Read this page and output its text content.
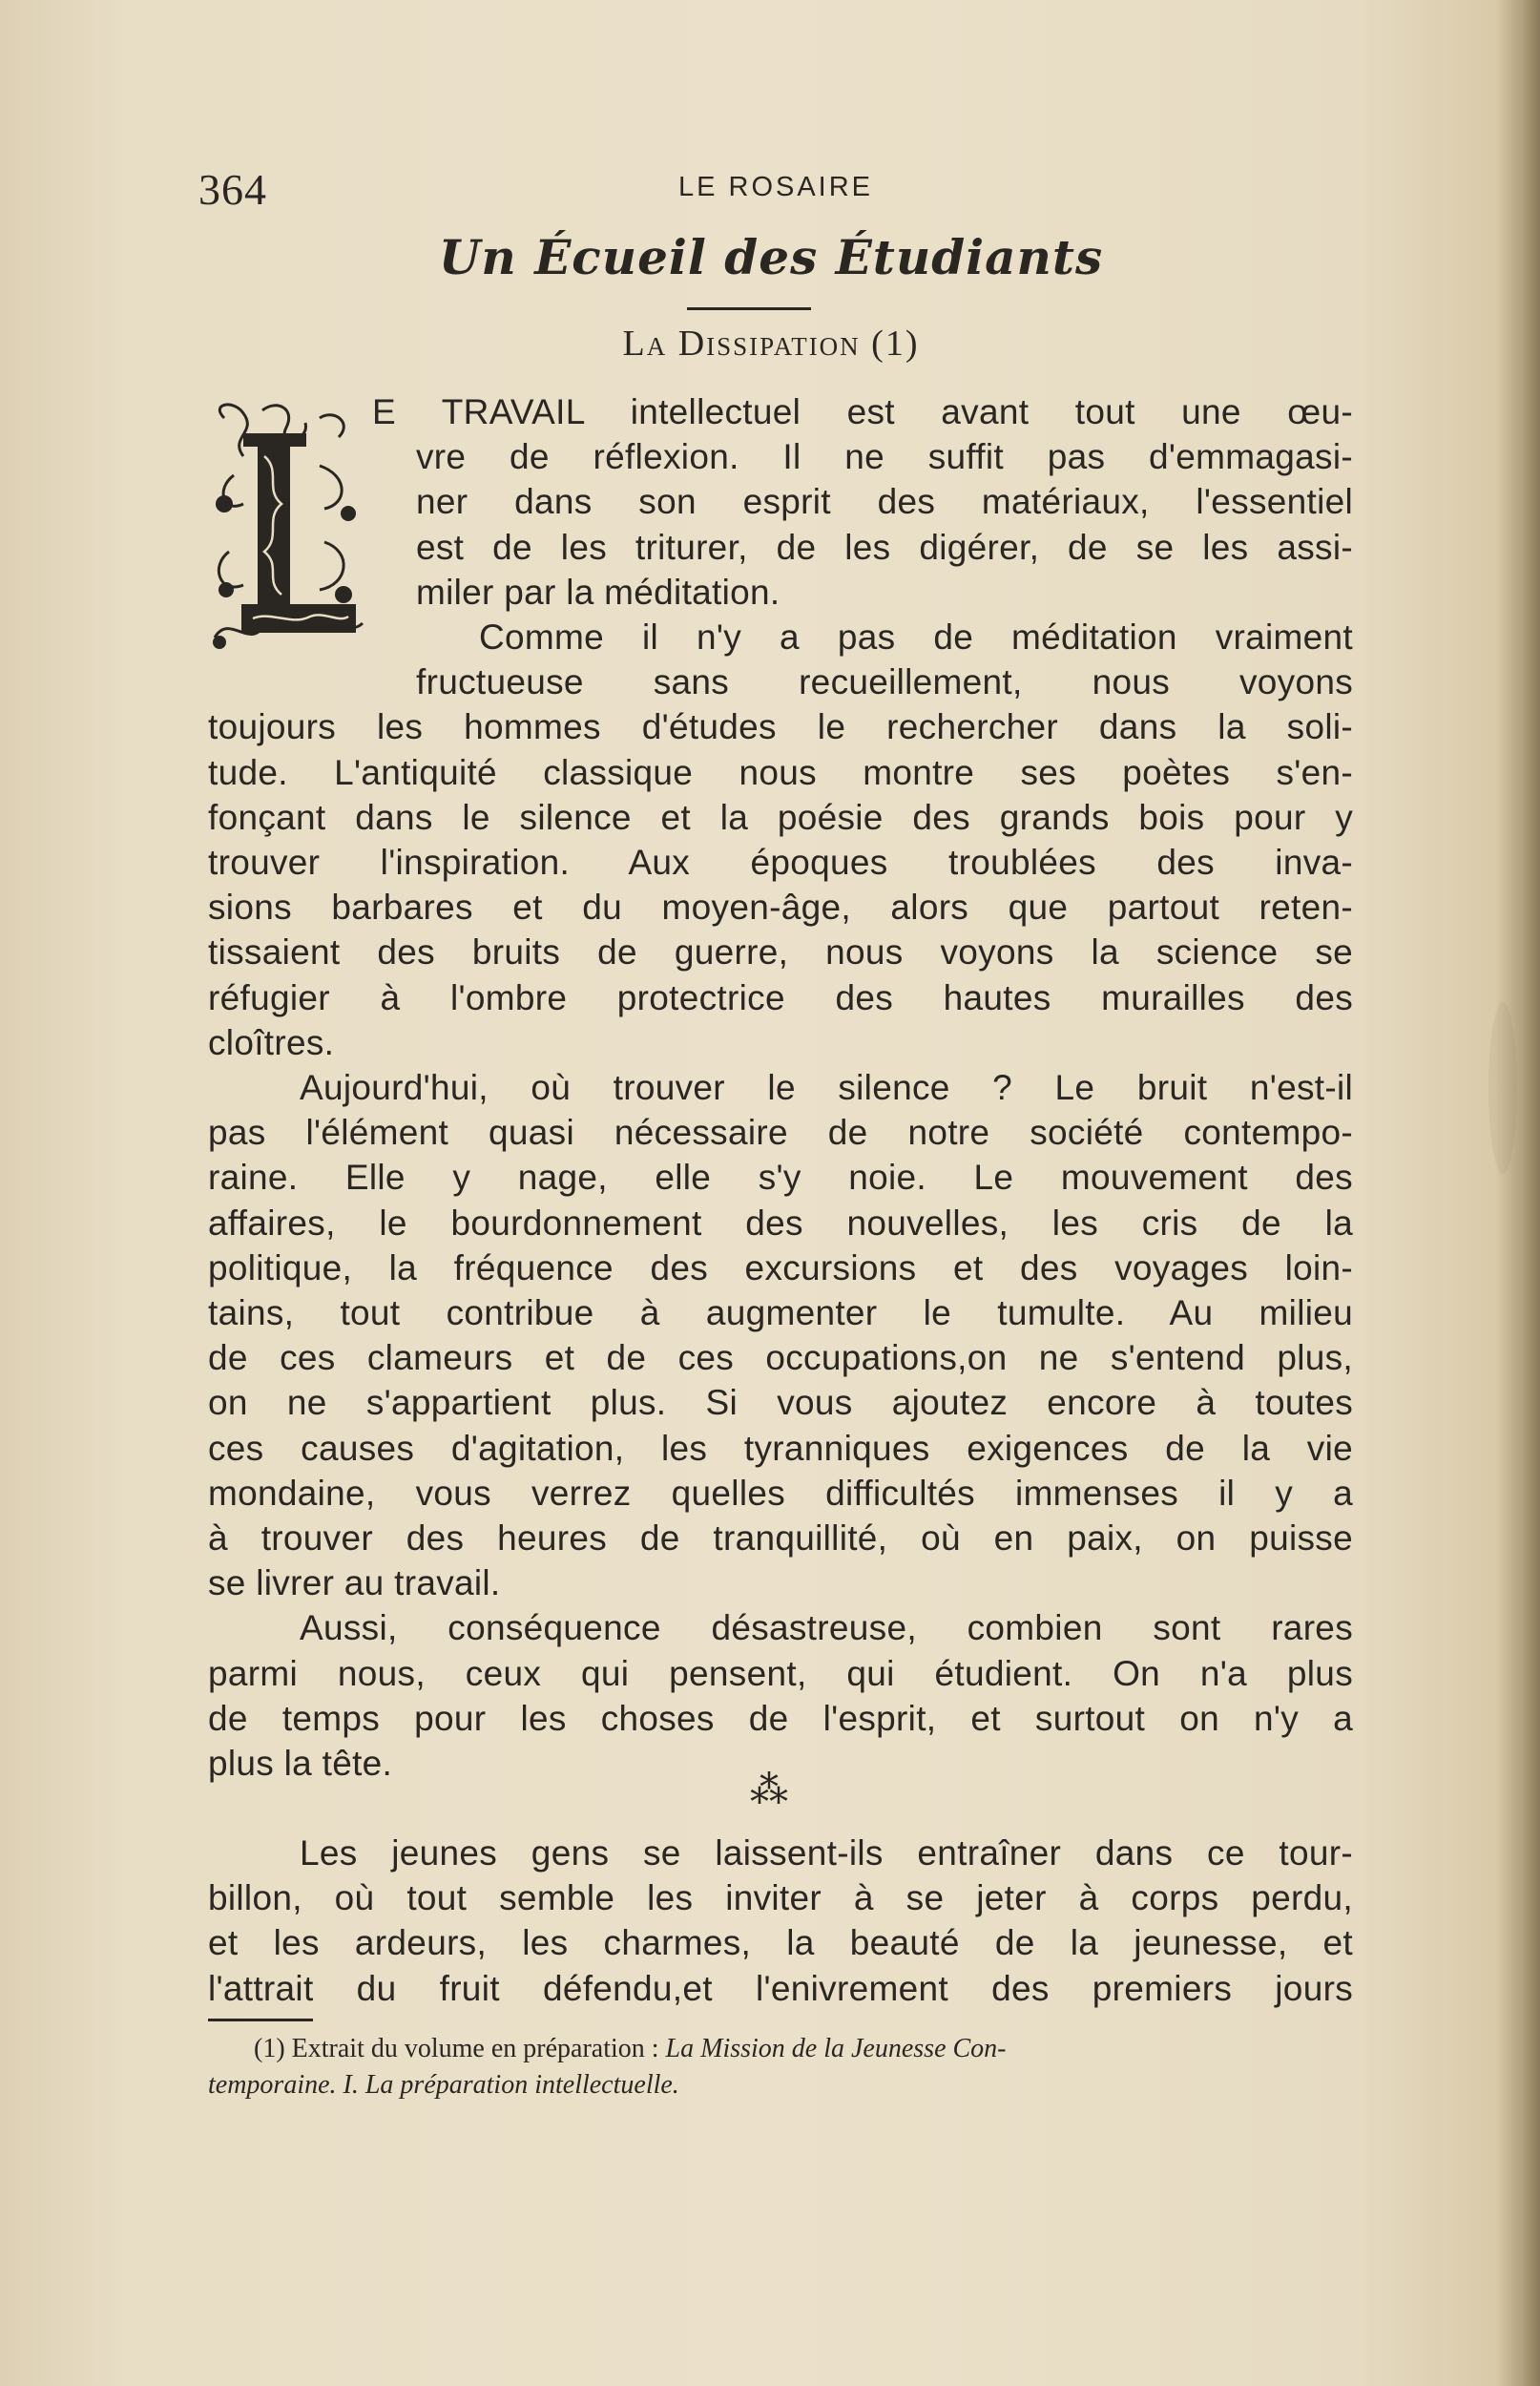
364	LE ROSAIRE
Un Écueil des Étudiants
La Dissipation (1)
E TRAVAIL intellectuel est avant tout une œu-
vre de réflexion. Il ne suffit pas d'emmagasi-
ner dans son esprit des matériaux, l'essentiel
est de les triturer, de les digérer, de se les assi-
miler par la méditation.
Comme il n'y a pas de méditation vraiment
fructueuse sans recueillement, nous voyons
toujours les hommes d'études le rechercher dans la soli-
tude. L'antiquité classique nous montre ses poètes s'en-
fonçant dans le silence et la poésie des grands bois pour y
trouver l'inspiration. Aux époques troublées des inva-
sions barbares et du moyen-âge, alors que partout reten-
tissaient des bruits de guerre, nous voyons la science se
réfugier à l'ombre protectrice des hautes murailles des
cloîtres.
Aujourd'hui, où trouver le silence ? Le bruit n'est-il
pas l'élément quasi nécessaire de notre société contempo-
raine. Elle y nage, elle s'y noie. Le mouvement des
affaires, le bourdonnement des nouvelles, les cris de la
politique, la fréquence des excursions et des voyages loin-
tains, tout contribue à augmenter le tumulte. Au milieu
de ces clameurs et de ces occupations,on ne s'entend plus,
on ne s'appartient plus. Si vous ajoutez encore à toutes
ces causes d'agitation, les tyranniques exigences de la vie
mondaine, vous verrez quelles difficultés immenses il y a
à trouver des heures de tranquillité, où en paix, on puisse
se livrer au travail.
Aussi, conséquence désastreuse, combien sont rares
parmi nous, ceux qui pensent, qui étudient. On n'a plus
de temps pour les choses de l'esprit, et surtout on n'y a
plus la tête.
⁂
Les jeunes gens se laissent-ils entraîner dans ce tour-
billon, où tout semble les inviter à se jeter à corps perdu,
et les ardeurs, les charmes, la beauté de la jeunesse, et
l'attrait du fruit défendu,et l'enivrement des premiers jours
(1) Extrait du volume en préparation : La Mission de la Jeunesse Con-
temporaine. I. La préparation intellectuelle.
